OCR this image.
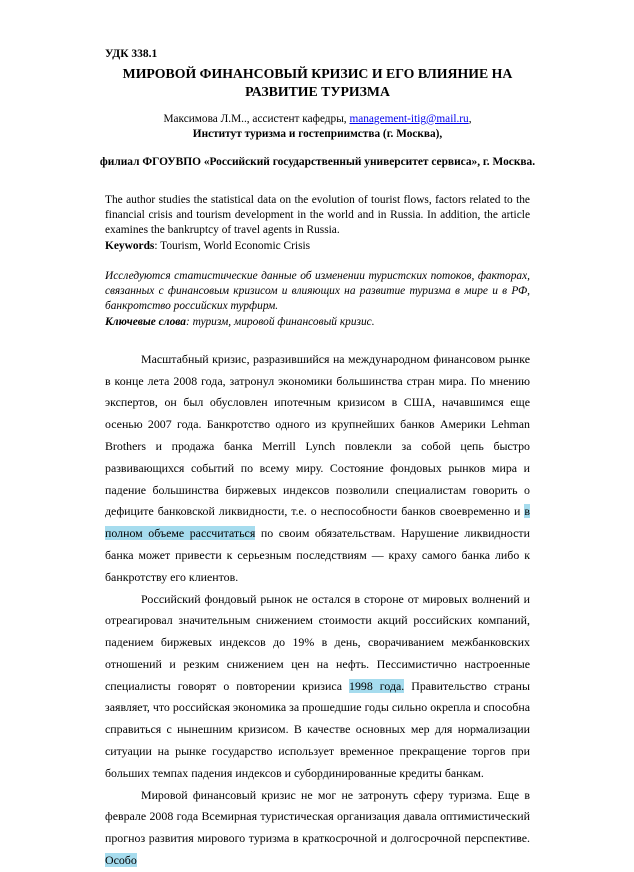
УДК 338.1

МИРОВОЙ ФИНАНСОВЫЙ КРИЗИС И ЕГО ВЛИЯНИЕ НА РАЗВИТИЕ ТУРИЗМА

Максимова Л.М.., ассистент кафедры, management-itig@mail.ru,

Институт туризма и гостеприимства (г. Москва),

филиал ФГОУВПО «Российский государственный университет сервиса», г. Москва.

The author studies the statistical data on the evolution of tourist flows, factors related to the financial crisis and tourism development in the world and in Russia. In addition, the article examines the bankruptcy of travel agents in Russia.

Keywords: Tourism, World Economic Crisis

Исследуются статистические данные об изменении туристских потоков, факторах, связанных с финансовым кризисом и влияющих на развитие туризма в мире и в РФ, банкротство российских турфирм.

Ключевые слова: туризм, мировой финансовый кризис.

Масштабный кризис, разразившийся на международном финансовом рынке в конце лета 2008 года, затронул экономики большинства стран мира. По мнению экспертов, он был обусловлен ипотечным кризисом в США, начавшимся еще осенью 2007 года. Банкротство одного из крупнейших банков Америки Lehman Brothers и продажа банка Merrill Lynch повлекли за собой цепь быстро развивающихся событий по всему миру. Состояние фондовых рынков мира и падение большинства биржевых индексов позволили специалистам говорить о дефиците банковской ликвидности, т.е. о неспособности банков своевременно и в полном объеме рассчитаться по своим обязательствам. Нарушение ликвидности банка может привести к серьезным последствиям — краху самого банка либо к банкротству его клиентов.

Российский фондовый рынок не остался в стороне от мировых волнений и отреагировал значительным снижением стоимости акций российских компаний, падением биржевых индексов до 19% в день, сворачиванием межбанковских отношений и резким снижением цен на нефть. Пессимистично настроенные специалисты говорят о повторении кризиса 1998 года. Правительство страны заявляет, что российская экономика за прошедшие годы сильно окрепла и способна справиться с нынешним кризисом. В качестве основных мер для нормализации ситуации на рынке государство использует временное прекращение торгов при больших темпах падения индексов и субординированные кредиты банкам.

Мировой финансовый кризис не мог не затронуть сферу туризма. Еще в феврале 2008 года Всемирная туристическая организация давала оптимистический прогноз развития мирового туризма в краткосрочной и долгосрочной перспективе. Особо
